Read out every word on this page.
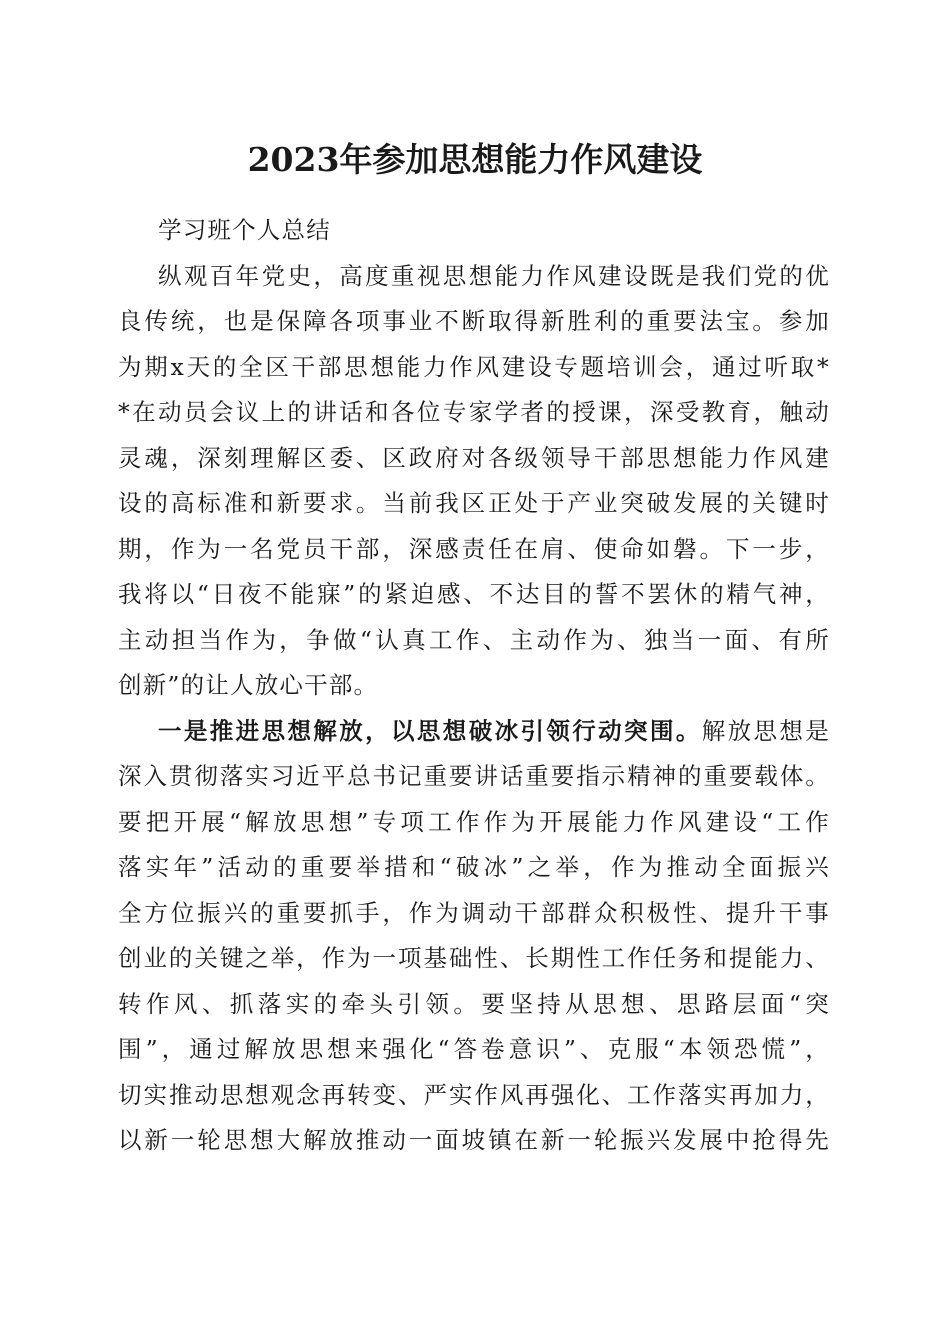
2023年参加思想能力作风建设
学习班个人总结
纵观百年党史，高度重视思想能力作风建设既是我们党的优
良传统，也是保障各项事业不断取得新胜利的重要法宝。参加
为期x天的全区干部思想能力作风建设专题培训会，通过听取*
*在动员会议上的讲话和各位专家学者的授课，深受教育，触动
灵魂，深刻理解区委、区政府对各级领导干部思想能力作风建
设的高标准和新要求。当前我区正处于产业突破发展的关键时
期，作为一名党员干部，深感责任在肩、使命如磐。下一步，
我将以“日夜不能寐”的紧迫感、不达目的誓不罢休的精气神，
主动担当作为，争做“认真工作、主动作为、独当一面、有所
创新”的让人放心干部。
一是推进思想解放，以思想破冰引领行动突围。解放思想是
深入贯彻落实习近平总书记重要讲话重要指示精神的重要载体。
要把开展“解放思想”专项工作作为开展能力作风建设“工作
落实年”活动的重要举措和“破冰”之举，作为推动全面振兴
全方位振兴的重要抓手，作为调动干部群众积极性、提升干事
创业的关键之举，作为一项基础性、长期性工作任务和提能力、
转作风、抓落实的牵头引领。要坚持从思想、思路层面“突
围”，通过解放思想来强化“答卷意识”、克服“本领恐慌”，
切实推动思想观念再转变、严实作风再强化、工作落实再加力，
以新一轮思想大解放推动一面坡镇在新一轮振兴发展中抢得先
